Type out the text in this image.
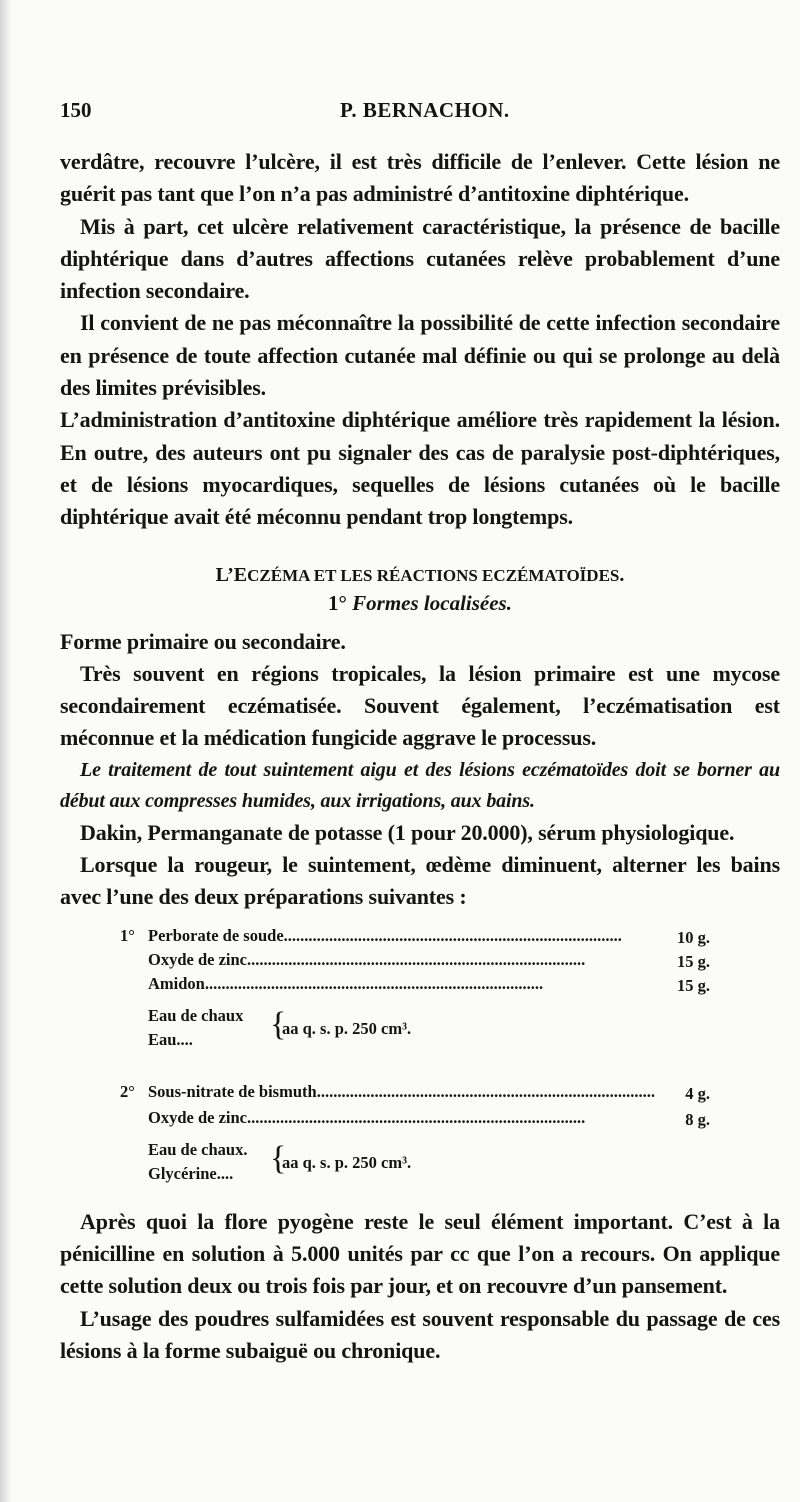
150	P. BERNACHON.

verdâtre, recouvre l’ulcère, il est très difficile de l’enlever. Cette lésion ne guérit pas tant que l’on n’a pas administré d’antitoxine diphtérique.

Mis à part, cet ulcère relativement caractéristique, la présence de bacille diphtérique dans d’autres affections cutanées relève probablement d’une infection secondaire.

Il convient de ne pas méconnaître la possibilité de cette infection secondaire en présence de toute affection cutanée mal définie ou qui se prolonge au delà des limites prévisibles.

L’administration d’antitoxine diphtérique améliore très rapidement la lésion. En outre, des auteurs ont pu signaler des cas de paralysie post-diphtériques, et de lésions myocardiques, sequelles de lésions cutanées où le bacille diphtérique avait été méconnu pendant trop longtemps.

L’ECZÉMA ET LES RÉACTIONS ECZÉMATOÏDES.
1° Formes localisées.

Forme primaire ou secondaire.

Très souvent en régions tropicales, la lésion primaire est une mycose secondairement eczématisée. Souvent également, l’eczématisation est méconnue et la médication fungicide aggrave le processus.

Le traitement de tout suintement aigu et des lésions eczématoïdes doit se borner au début aux compresses humides, aux irrigations, aux bains.

Dakin, Permanganate de potasse (1 pour 20.000), sérum physiologique.

Lorsque la rougeur, le suintement, œdème diminuent, alterner les bains avec l’une des deux préparations suivantes :

1° Perborate de soude..................................................................................	10 g.
Oxyde de zinc..................................................................................	15 g.
Amidon..................................................................................	15 g.
Eau de chaux
Eau.... {
aa q. s. p. 250 cm³.
2° Sous-nitrate de bismuth.................................................................................. 4 g.
Oxyde de zinc..................................................................................	8 g.
Eau de chaux.
Glycérine.... {
aa q. s. p. 250 cm³.

Après quoi la flore pyogène reste le seul élément important. C’est à la pénicilline en solution à 5.000 unités par cc que l’on a recours. On applique cette solution deux ou trois fois par jour, et on recouvre d’un pansement.

L’usage des poudres sulfamidées est souvent responsable du passage de ces lésions à la forme subaiguë ou chronique.
